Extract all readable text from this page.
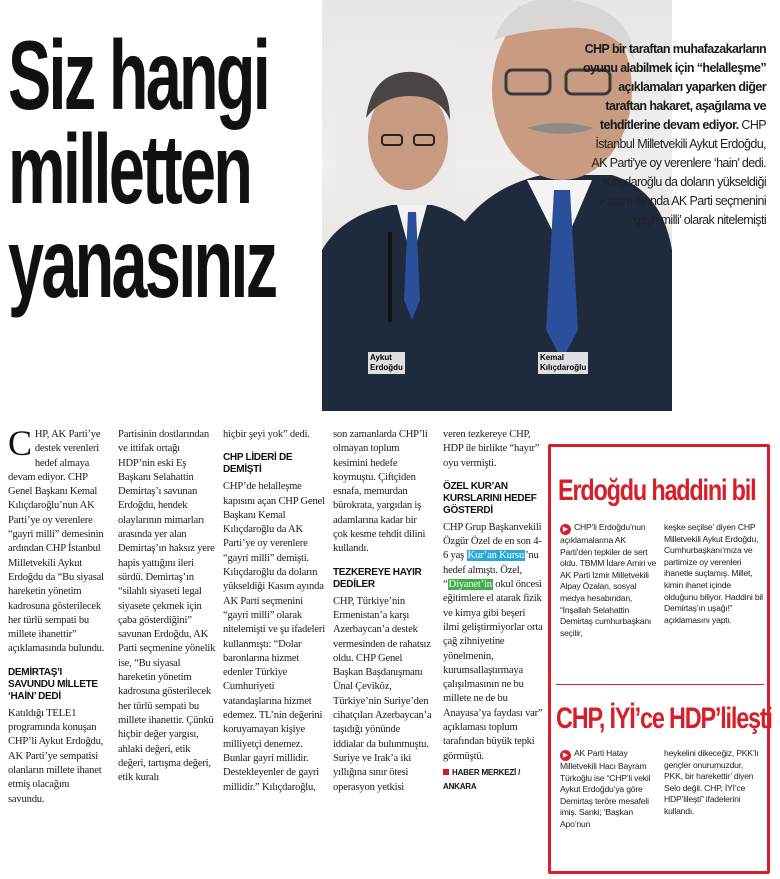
Siz hangi
milletten
yanasınız
Aykut
Erdoğdu
Kemal
Kılıçdaroğlu
CHP bir taraftan muhafazakarların oyunu alabilmek için “helalleşme” açıklamaları yaparken diğer taraftan hakaret, aşağılama ve tehditlerine devam ediyor. CHP İstanbul Milletvekili Aykut Erdoğdu, AK Parti’ye oy verenlere ‘hain’ dedi. Kılıçdaroğlu da doların yükseldiği Kasım ayında AK Parti seçmenini ‘gayri milli’ olarak nitelemişti

CHP, AK Parti’ye destek verenleri hedef almaya devam ediyor. CHP Genel Başkanı Kemal Kılıçdaroğlu’nun AK Parti’ye oy verenlere “gayri milli” demesinin ardından CHP İstanbul Milletvekili Aykut Erdoğdu da “Bu siyasal hareketin yönetim kadrosuna gösterilecek her türlü sempati bu millete ihanettir” açıklamasında bulundu.

DEMİRTAŞ’I SAVUNDU MİLLETE ‘HAİN’ DEDİ

Katıldığı TELE1 programında konuşan CHP’li Aykut Erdoğdu, AK Parti’ye sempatisi olanların millete ihanet etmiş olacağını savundu.

Partisinin dostlarından ve ittifak ortağı HDP’nin eski Eş Başkanı Selahattin Demirtaş’ı savunan Erdoğdu, hendek olaylarının mimarları arasında yer alan Demirtaş’ın haksız yere hapis yattığını ileri sürdü. Demirtaş’ın “silahlı siyaseti legal siyasete çekmek için çaba gösterdiğini” savunan Erdoğdu, AK Parti seçmenine yönelik ise, “Bu siyasal hareketin yönetim kadrosuna gösterilecek her türlü sempati bu millete ihanettir. Çünkü hiçbir değer yargısı, ahlaki değeri, etik değeri, tartışma değeri, etik kuralı

hiçbir şeyi yok” dedi.

CHP LİDERİ DE DEMİŞTİ

CHP’de helalleşme kapısını açan CHP Genel Başkanı Kemal Kılıçdaroğlu da AK Parti’ye oy verenlere “gayri milli” demişti. Kılıçdaroğlu da doların yükseldiği Kasım ayında AK Parti seçmenini “gayri milli” olarak nitelemişti ve şu ifadeleri kullanmıştı: “Dolar baronlarına hizmet edenler Türkiye Cumhuriyeti vatandaşlarına hizmet edemez. TL’nin değerini koruyamayan kişiye milliyetçi denemez. Bunlar gayri millidir. Destekleyenler de gayri millidir.” Kılıçdaroğlu,

son zamanlarda CHP’li olmayan toplum kesimini hedefe koymuştu. Çiftçiden esnafa, memurdan bürokrata, yargıdan iş adamlarına kadar bir çok kesme tehdit dilini kullandı.

TEZKEREYE HAYIR DEDİLER

CHP, Türkiye’nin Ermenistan’a karşı Azerbaycan’a destek vermesinden de rahatsız oldu. CHP Genel Başkan Başdanışmanı Ünal Çeviköz, Türkiye’nin Suriye’den cihatçıları Azerbaycan’a taşıdığı yönünde iddialar da bulunmuştu. Suriye ve Irak’a iki yıllığına sınır ötesi operasyon yetkisi

veren tezkereye CHP, HDP ile birlikte “hayır” oyu vermişti.

ÖZEL KUR’AN KURSLARINI HEDEF GÖSTERDİ

CHP Grup Başkanvekili Özgür Özel de en son 4-6 yaş Kur’an Kursu’nu hedef almıştı. Özel, “Diyanet’in okul öncesi eğitimlere el atarak fizik ve kimya gibi beşeri ilmi geliştirmiyorlar orta çağ zihniyetine yönelmenin, kurumsallaştırmaya çalışılmasının ne bu millete ne de bu Anayasa’ya faydası var” açıklaması toplum tarafından büyük tepki görmüştü.

HABER MERKEZİ / ANKARA
Erdoğdu haddini bil
▶ CHP’li Erdoğdu’nun açıklamalarına AK Parti’den tepkiler de sert oldu. TBMM İdare Amiri ve AK Parti İzmir Milletvekili Alpay Özalan, sosyal medya hesabından, “İnşallah Selahattin Demirtaş cumhurbaşkanı seçilir,
keşke seçilse’ diyen CHP Milletvekili Aykut Erdoğdu, Cumhurbaşkanı’mıza ve partimize oy verenleri ihanetle suçlamış. Millet, kimin ihanet içinde olduğunu biliyor. Haddini bil Demirtaş’ın uşağı!” açıklamasını yaptı.
CHP, İYİ’ce HDP’lileşti
▶ AK Parti Hatay Milletvekili Hacı Bayram Türkoğlu ise “CHP’li vekil Aykut Erdoğdu’ya göre Demirtaş teröre mesafeli imiş. Sanki; ‘Başkan Apo’nun
heykelini dikeceğiz, PKK’lı gençler onurumuzdur, PKK, bir harekettir’ diyen Selo değil. CHP, İYİ’ce HDP’lileşti” ifadelerini kullandı.
